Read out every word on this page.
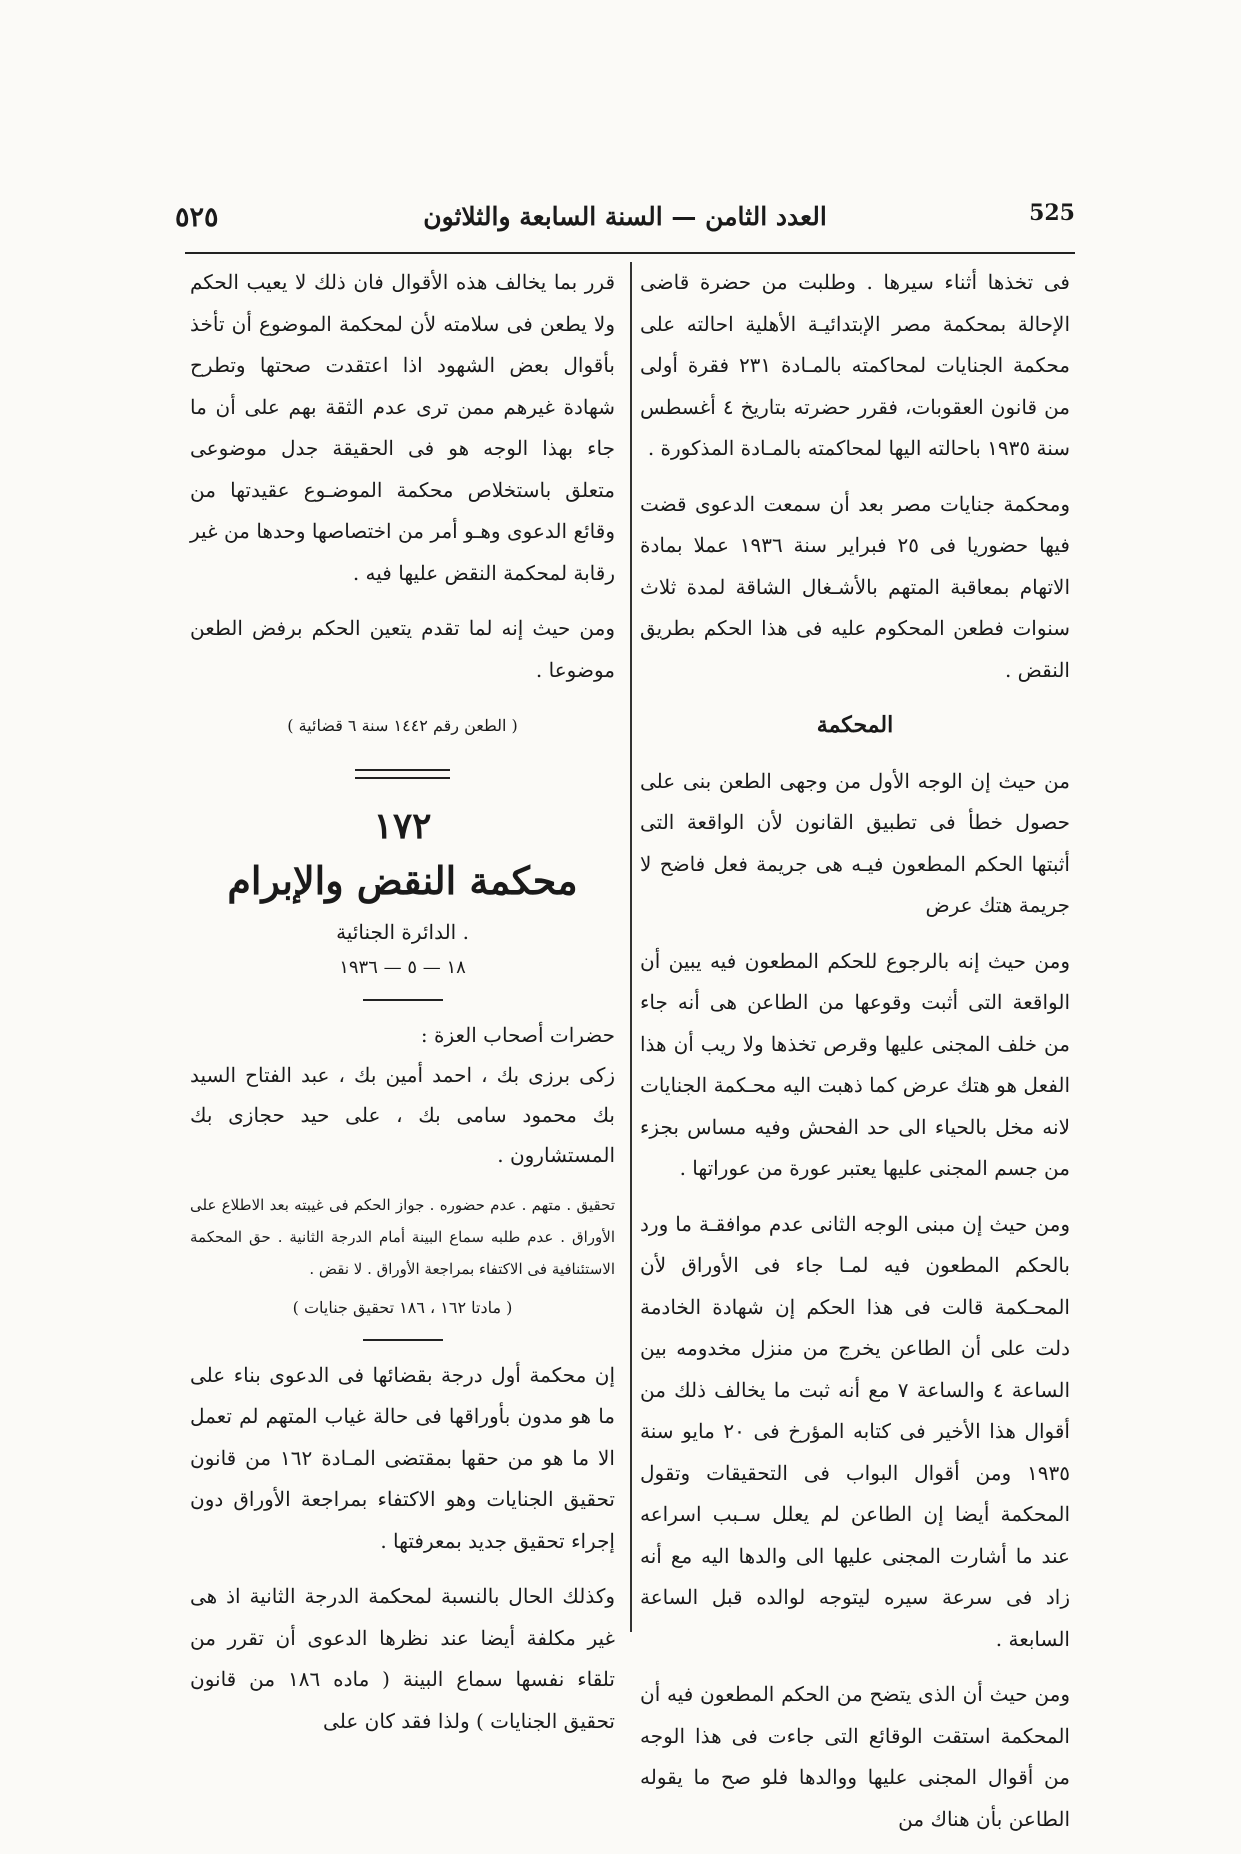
٥٢٥	العدد الثامن — السنة السابعة والثلاثون	525

فى تخذها أثناء سيرها . وطلبت من حضرة قاضى الإحالة بمحكمة مصر الإبتدائيـة الأهلية احالته على محكمة الجنايات لمحاكمته بالمـادة ٢٣١ فقرة أولى من قانون العقوبات، فقرر حضرته بتاريخ ٤ أغسطس سنة ١٩٣٥ باحالته اليها لمحاكمته بالمـادة المذكورة .

ومحكمة جنايات مصر بعد أن سمعت الدعوى قضت فيها حضوريا فى ٢٥ فبراير سنة ١٩٣٦ عملا بمادة الاتهام بمعاقبة المتهم بالأشـغال الشاقة لمدة ثلاث سنوات فطعن المحكوم عليه فى هذا الحكم بطريق النقض .

المحكمة

من حيث إن الوجه الأول من وجهى الطعن بنى على حصول خطأ فى تطبيق القانون لأن الواقعة التى أثبتها الحكم المطعون فيـه هى جريمة فعل فاضح لا جريمة هتك عرض

ومن حيث إنه بالرجوع للحكم المطعون فيه يبين أن الواقعة التى أثبت وقوعها من الطاعن هى أنه جاء من خلف المجنى عليها وقرص تخذها ولا ريب أن هذا الفعل هو هتك عرض كما ذهبت اليه محـكمة الجنايات لانه مخل بالحياء الى حد الفحش وفيه مساس بجزء من جسم المجنى عليها يعتبر عورة من عوراتها .

ومن حيث إن مبنى الوجه الثانى عدم موافقـة ما ورد بالحكم المطعون فيه لمـا جاء فى الأوراق لأن المحـكمة قالت فى هذا الحكم إن شهادة الخادمة دلت على أن الطاعن يخرج من منزل مخدومه بين الساعة ٤ والساعة ٧ مع أنه ثبت ما يخالف ذلك من أقوال هذا الأخير فى كتابه المؤرخ فى ٢٠ مايو سنة ١٩٣٥ ومن أقوال البواب فى التحقيقات وتقول المحكمة أيضا إن الطاعن لم يعلل سـبب اسراعه عند ما أشارت المجنى عليها الى والدها اليه مع أنه زاد فى سرعة سيره ليتوجه لوالده قبل الساعة السابعة .

ومن حيث أن الذى يتضح من الحكم المطعون فيه أن المحكمة استقت الوقائع التى جاءت فى هذا الوجه من أقوال المجنى عليها ووالدها فلو صح ما يقوله الطاعن بأن هناك من

قرر بما يخالف هذه الأقوال فان ذلك لا يعيب الحكم ولا يطعن فى سلامته لأن لمحكمة الموضوع أن تأخذ بأقوال بعض الشهود اذا اعتقدت صحتها وتطرح شهادة غيرهم ممن ترى عدم الثقة بهم على أن ما جاء بهذا الوجه هو فى الحقيقة جدل موضوعى متعلق باستخلاص محكمة الموضـوع عقيدتها من وقائع الدعوى وهـو أمر من اختصاصها وحدها من غير رقابة لمحكمة النقض عليها فيه .

ومن حيث إنه لما تقدم يتعين الحكم برفض الطعن موضوعا .

( الطعن رقم ١٤٤٢ سنة ٦ قضائية )
١٧٢
محكمة النقض والإبرام
. الدائرة الجنائية
١٨ — ٥ — ١٩٣٦
حضرات أصحاب العزة :
زكى برزى بك ، احمد أمين بك ، عبد الفتاح السيد بك محمود سامى بك ، على حيد حجازى بك المستشارون .
تحقيق . متهم . عدم حضوره . جواز الحكم فى غيبته بعد الاطلاع على الأوراق . عدم طلبه سماع البينة أمام الدرجة الثانية . حق المحكمة الاستئنافية فى الاكتفاء بمراجعة الأوراق . لا نقض .
( مادتا ١٦٢ ، ١٨٦ تحقيق جنايات )

إن محكمة أول درجة بقضائها فى الدعوى بناء على ما هو مدون بأوراقها فى حالة غياب المتهم لم تعمل الا ما هو من حقها بمقتضى المـادة ١٦٢ من قانون تحقيق الجنايات وهو الاكتفاء بمراجعة الأوراق دون إجراء تحقيق جديد بمعرفتها .

وكذلك الحال بالنسبة لمحكمة الدرجة الثانية اذ هى غير مكلفة أيضا عند نظرها الدعوى أن تقرر من تلقاء نفسها سماع البينة ( ماده ١٨٦ من قانون تحقيق الجنايات ) ولذا فقد كان على
